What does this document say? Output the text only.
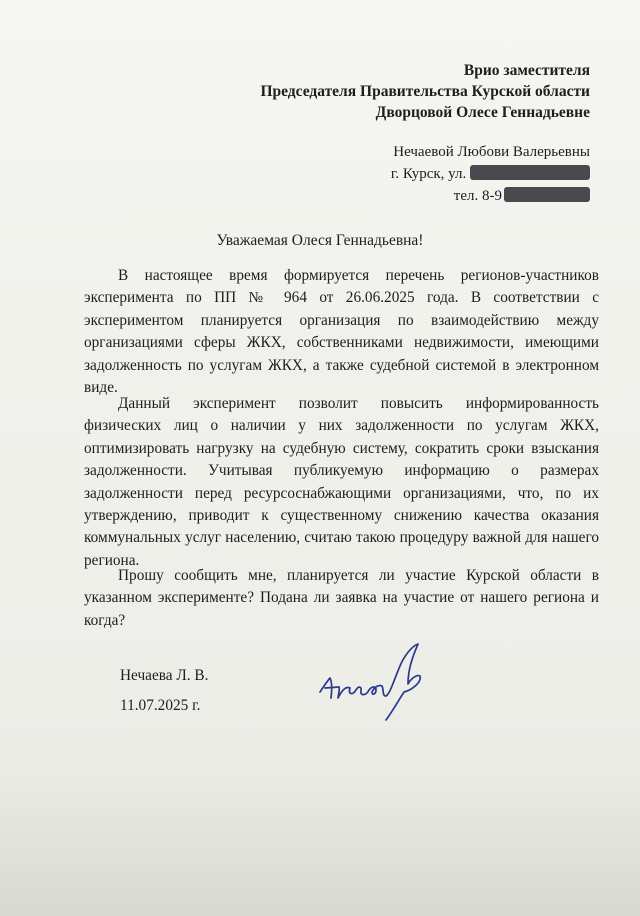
Врио заместителя
Председателя Правительства Курской области
Дворцовой Олесе Геннадьевне
Нечаевой Любови Валерьевны
г. Курск, ул.
тел. 8-9
Уважаемая Олеся Геннадьевна!

В настоящее время формируется перечень регионов-участников эксперимента по ПП № 964 от 26.06.2025 года. В соответствии с экспериментом планируется организация по взаимодействию между организациями сферы ЖКХ, собственниками недвижимости, имеющими задолженность по услугам ЖКХ, а также судебной системой в электронном виде.

Данный эксперимент позволит повысить информированность физических лиц о наличии у них задолженности по услугам ЖКХ, оптимизировать нагрузку на судебную систему, сократить сроки взыскания задолженности. Учитывая публикуемую информацию о размерах задолженности перед ресурсоснабжающими организациями, что, по их утверждению, приводит к существенному снижению качества оказания коммунальных услуг населению, считаю такою процедуру важной для нашего региона.

Прошу сообщить мне, планируется ли участие Курской области в указанном эксперименте? Подана ли заявка на участие от нашего региона и когда?

Нечаева Л. В.
11.07.2025 г.
